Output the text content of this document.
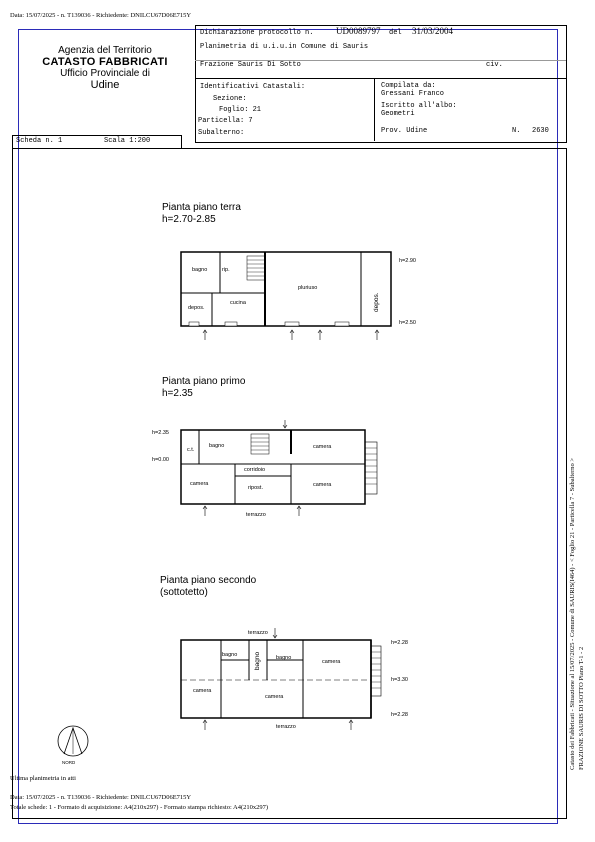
Data: 15/07/2025 - n. T139036 - Richiedente: DNILCU67D06E715Y
Agenzia del Territorio
CATASTO FABBRICATI
Ufficio Provinciale di
Udine
Dichiarazione protocollo n.	UD0089797 del 31/03/2004
Planimetria di u.i.u.in Comune di Sauris
Frazione Sauris Di Sotto	civ.
Identificativi Catastali:
Sezione:
Foglio: 21
Particella: 7
Subalterno:
Compilata da:
Gressani Franco
Iscritto all'albo:
Geometri
Prov. Udine	N. 2630
Scheda n. 1	Scala 1:200
Pianta piano terra
h=2.70-2.85
Pianta piano primo
h=2.35
Pianta piano secondo
(sottotetto)
bagno	rip.
cucina
depos.
pluriuso
depos.
h=2.90
h=2.50
h=2.35
h=0.00
c.t.
bagno	camera
corridoio
camera
ripost.	camera
terrazzo
terrazzo
bagno	bagno	bagno
camera
camera
camera
terrazzo
h=2.28
h=3.30
h=2.28
NORD	Catasto dei Fabbricati - Situazione al 15/07/2025 - Comune di SAURIS(I464) - < Foglio 21 - Particella 7 - Subalterno > FRAZIONE SAURIS DI SOTTO Piano T-1 - 2
Ultima planimetria in atti
Data: 15/07/2025 - n. T139036 - Richiedente: DNILCU67D06E715Y
Totale schede: 1 - Formato di acquisizione: A4(210x297) - Formato stampa richiesto: A4(210x297)
